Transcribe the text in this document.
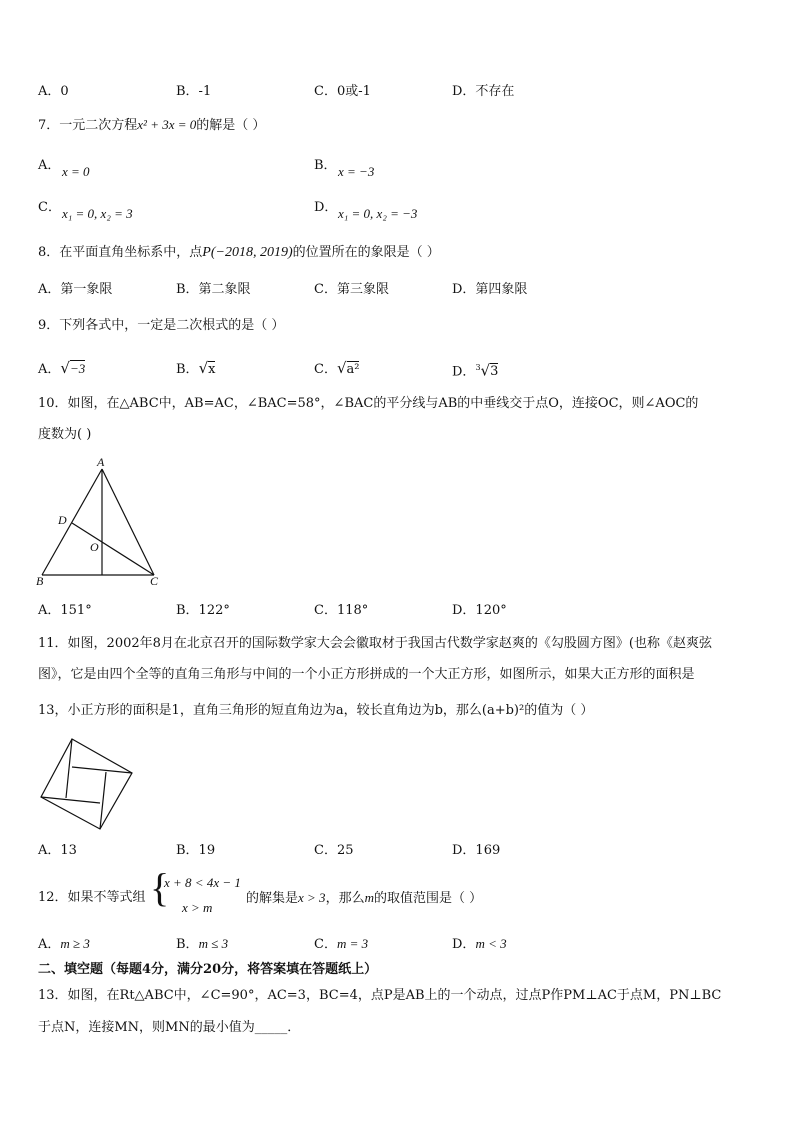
A．0	B．-1	C．0或-1	D．不存在
7．一元二次方程x² + 3x = 0的解是（ ）
A． x = 0	B． x = −3
C． x₁ = 0, x₂ = 3	D． x₁ = 0, x₂ = −3
8．在平面直角坐标系中，点P(−2018, 2019)的位置所在的象限是（ ）
A．第一象限	B．第二象限	C．第三象限	D．第四象限
9．下列各式中，一定是二次根式的是（ ）
A．√−3	B．√x	C．√a²	D．$^3$√3
10．如图，在△ABC中，AB=AC，∠BAC=58°，∠BAC的平分线与AB的中垂线交于点O，连接OC，则∠AOC的
度数为( )
A
D
O
B	C
A．151°	B．122°	C．118°	D．120°
11．如图，2002年8月在北京召开的国际数学家大会会徽取材于我国古代数学家赵爽的《勾股圆方图》(也称《赵爽弦
图》，它是由四个全等的直角三角形与中间的一个小正方形拼成的一个大正方形，如图所示，如果大正方形的面积是
13，小正方形的面积是1，直角三角形的短直角边为a，较长直角边为b，那么(a+b)²的值为（ ）
A．13	B．19	C．25	D．169
12．如果不等式组 {
x + 8 < 4x − 1
x > m
的解集是x > 3，那么m的取值范围是（ ）
A．m ≥ 3	B．m ≤ 3	C．m = 3	D．m < 3
二、填空题（每题4分，满分20分，将答案填在答题纸上）
13．如图，在Rt△ABC中，∠C=90°，AC=3，BC=4，点P是AB上的一个动点，过点P作PM⊥AC于点M，PN⊥BC
于点N，连接MN，则MN的最小值为_____．
